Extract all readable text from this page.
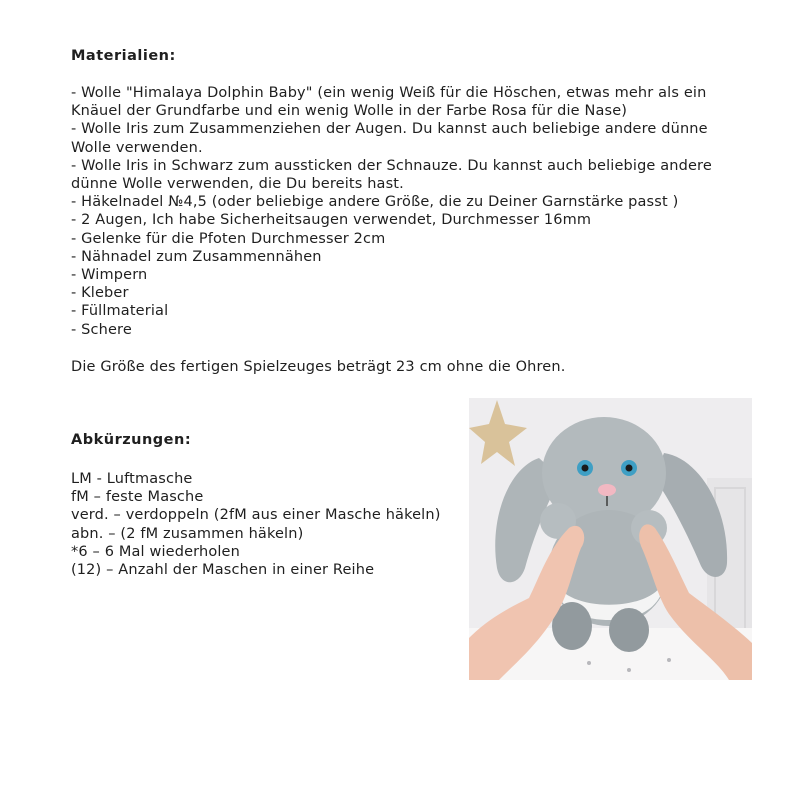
Materialien:
- Wolle "Himalaya Dolphin Baby" (ein wenig Weiß für die Höschen, etwas mehr als ein Knäuel der Grundfarbe und ein wenig Wolle in der Farbe Rosa für die Nase)
- Wolle Iris zum Zusammenziehen der Augen. Du kannst auch beliebige andere dünne Wolle verwenden.
- Wolle Iris in Schwarz zum aussticken der Schnauze. Du kannst auch beliebige andere dünne Wolle verwenden, die Du bereits hast.
- Häkelnadel №4,5 (oder beliebige andere Größe, die zu Deiner Garnstärke passt )
- 2 Augen, Ich habe Sicherheitsaugen verwendet, Durchmesser 16mm
- Gelenke für die Pfoten Durchmesser 2cm
- Nähnadel zum Zusammennähen
- Wimpern
- Kleber
- Füllmaterial
- Schere

Die Größe des fertigen Spielzeuges beträgt 23 cm ohne die Ohren.

Abkürzungen:
LM - Luftmasche
fM – feste Masche
verd. – verdoppeln (2fM aus einer Masche häkeln)
abn. – (2 fM zusammen häkeln)
*6 – 6 Mal wiederholen
(12) – Anzahl der Maschen in einer Reihe
